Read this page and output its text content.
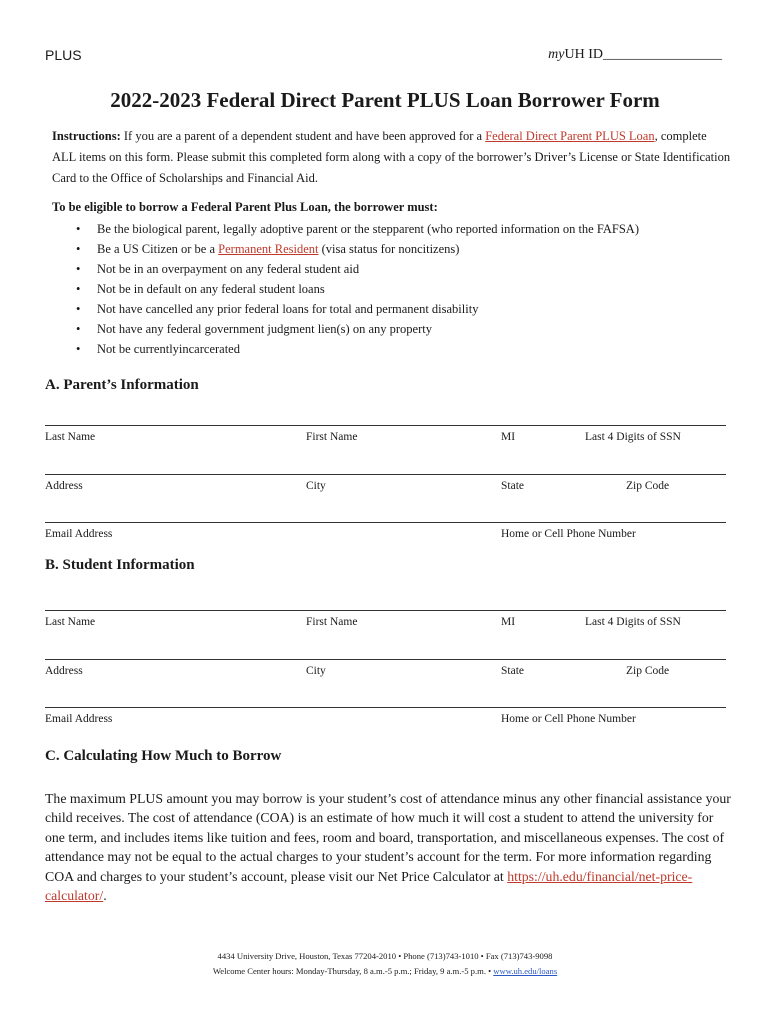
PLUS	myUH ID_________________
2022-2023 Federal Direct Parent PLUS Loan Borrower Form
Instructions: If you are a parent of a dependent student and have been approved for a Federal Direct Parent PLUS Loan, complete ALL items on this form. Please submit this completed form along with a copy of the borrower’s Driver’s License or State Identification Card to the Office of Scholarships and Financial Aid.
To be eligible to borrow a Federal Parent Plus Loan, the borrower must:
• Be the biological parent, legally adoptive parent or the stepparent (who reported information on the FAFSA)
• Be a US Citizen or be a Permanent Resident (visa status for noncitizens)
• Not be in an overpayment on any federal student aid
• Not be in default on any federal student loans
• Not have cancelled any prior federal loans for total and permanent disability
• Not have any federal government judgment lien(s) on any property
• Not be currentlyincarcerated
A. Parent’s Information
Last Name	First Name	MI	Last 4 Digits of SSN
Address	City	State	Zip Code
Email Address	Home or Cell Phone Number
B. Student Information
Last Name	First Name	MI	Last 4 Digits of SSN
Address	City	State	Zip Code
Email Address	Home or Cell Phone Number
C. Calculating How Much to Borrow
The maximum PLUS amount you may borrow is your student’s cost of attendance minus any other financial assistance your child receives. The cost of attendance (COA) is an estimate of how much it will cost a student to attend the university for one term, and includes items like tuition and fees, room and board, transportation, and miscellaneous expenses. The cost of attendance may not be equal to the actual charges to your student’s account for the term. For more information regarding COA and charges to your student’s account, please visit our Net Price Calculator at https://uh.edu/financial/net-price-calculator/.
4434 University Drive, Houston, Texas 77204-2010 • Phone (713)743-1010 • Fax (713)743-9098
Welcome Center hours: Monday-Thursday, 8 a.m.-5 p.m.; Friday, 9 a.m.-5 p.m. • www.uh.edu/loans
